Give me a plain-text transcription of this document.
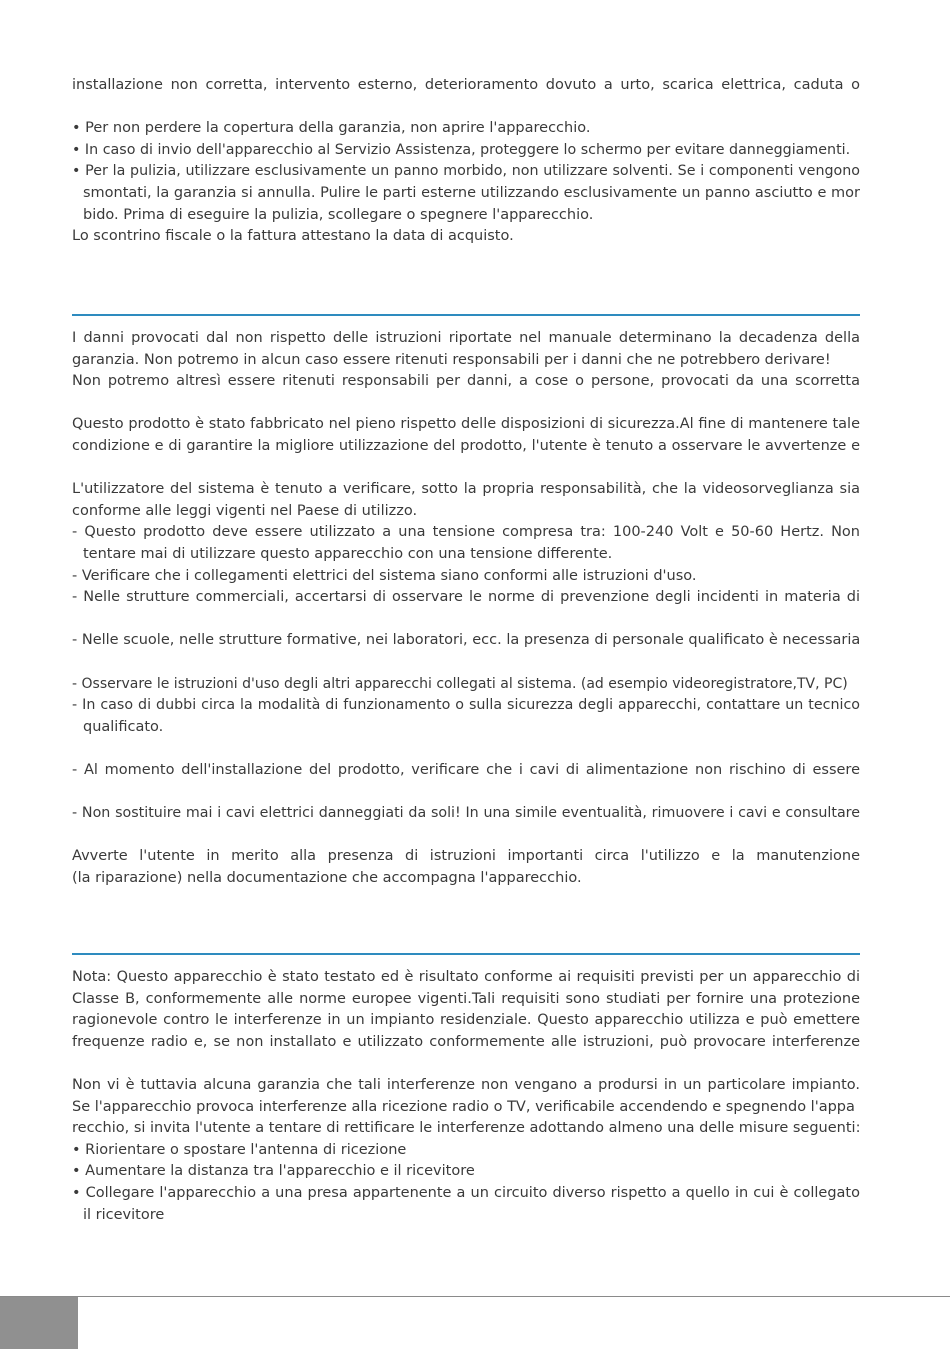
installazione non corretta, intervento esterno, deterioramento dovuto a urto, scarica elettrica, caduta o
• Per non perdere la copertura della garanzia, non aprire l'apparecchio.
• In caso di invio dell'apparecchio al Servizio Assistenza, proteggere lo schermo per evitare danneggiamenti.
• Per la pulizia, utilizzare esclusivamente un panno morbido, non utilizzare solventi. Se i componenti vengono
smontati, la garanzia si annulla. Pulire le parti esterne utilizzando esclusivamente un panno asciutto e mor
bido. Prima di eseguire la pulizia, scollegare o spegnere l'apparecchio.
Lo scontrino fiscale o la fattura attestano la data di acquisto.
I danni provocati dal non rispetto delle istruzioni riportate nel manuale determinano la decadenza della
garanzia. Non potremo in alcun caso essere ritenuti responsabili per i danni che ne potrebbero derivare!
Non potremo altresì essere ritenuti responsabili per danni, a cose o persone, provocati da una scorretta
Questo prodotto è stato fabbricato nel pieno rispetto delle disposizioni di sicurezza.Al fine di mantenere tale
condizione e di garantire la migliore utilizzazione del prodotto, l'utente è tenuto a osservare le avvertenze e
L'utilizzatore del sistema è tenuto a verificare, sotto la propria responsabilità, che la videosorveglianza sia
conforme alle leggi vigenti nel Paese di utilizzo.
- Questo prodotto deve essere utilizzato a una tensione compresa tra: 100-240 Volt e 50-60 Hertz. Non
tentare mai di utilizzare questo apparecchio con una tensione differente.
- Verificare che i collegamenti elettrici del sistema siano conformi alle istruzioni d'uso.
- Nelle strutture commerciali, accertarsi di osservare le norme di prevenzione degli incidenti in materia di
- Nelle scuole, nelle strutture formative, nei laboratori, ecc. la presenza di personale qualificato è necessaria
- Osservare le istruzioni d'uso degli altri apparecchi collegati al sistema. (ad esempio videoregistratore,TV, PC)
- In caso di dubbi circa la modalità di funzionamento o sulla sicurezza degli apparecchi, contattare un tecnico
qualificato.
- Al momento dell'installazione del prodotto, verificare che i cavi di alimentazione non rischino di essere
- Non sostituire mai i cavi elettrici danneggiati da soli! In una simile eventualità, rimuovere i cavi e consultare
Avverte l'utente in merito alla presenza di istruzioni importanti circa l'utilizzo e la manutenzione
(la riparazione) nella documentazione che accompagna l'apparecchio.
Nota: Questo apparecchio è stato testato ed è risultato conforme ai requisiti previsti per un apparecchio di
Classe B, conformemente alle norme europee vigenti.Tali requisiti sono studiati per fornire una protezione
ragionevole contro le interferenze in un impianto residenziale. Questo apparecchio utilizza e può emettere
frequenze radio e, se non installato e utilizzato conformemente alle istruzioni, può provocare interferenze
Non vi è tuttavia alcuna garanzia che tali interferenze non vengano a prodursi in un particolare impianto.
Se l'apparecchio provoca interferenze alla ricezione radio o TV, verificabile accendendo e spegnendo l'appa
recchio, si invita l'utente a tentare di rettificare le interferenze adottando almeno una delle misure seguenti:
• Riorientare o spostare l'antenna di ricezione
• Aumentare la distanza tra l'apparecchio e il ricevitore
• Collegare l'apparecchio a una presa appartenente a un circuito diverso rispetto a quello in cui è collegato
il ricevitore
